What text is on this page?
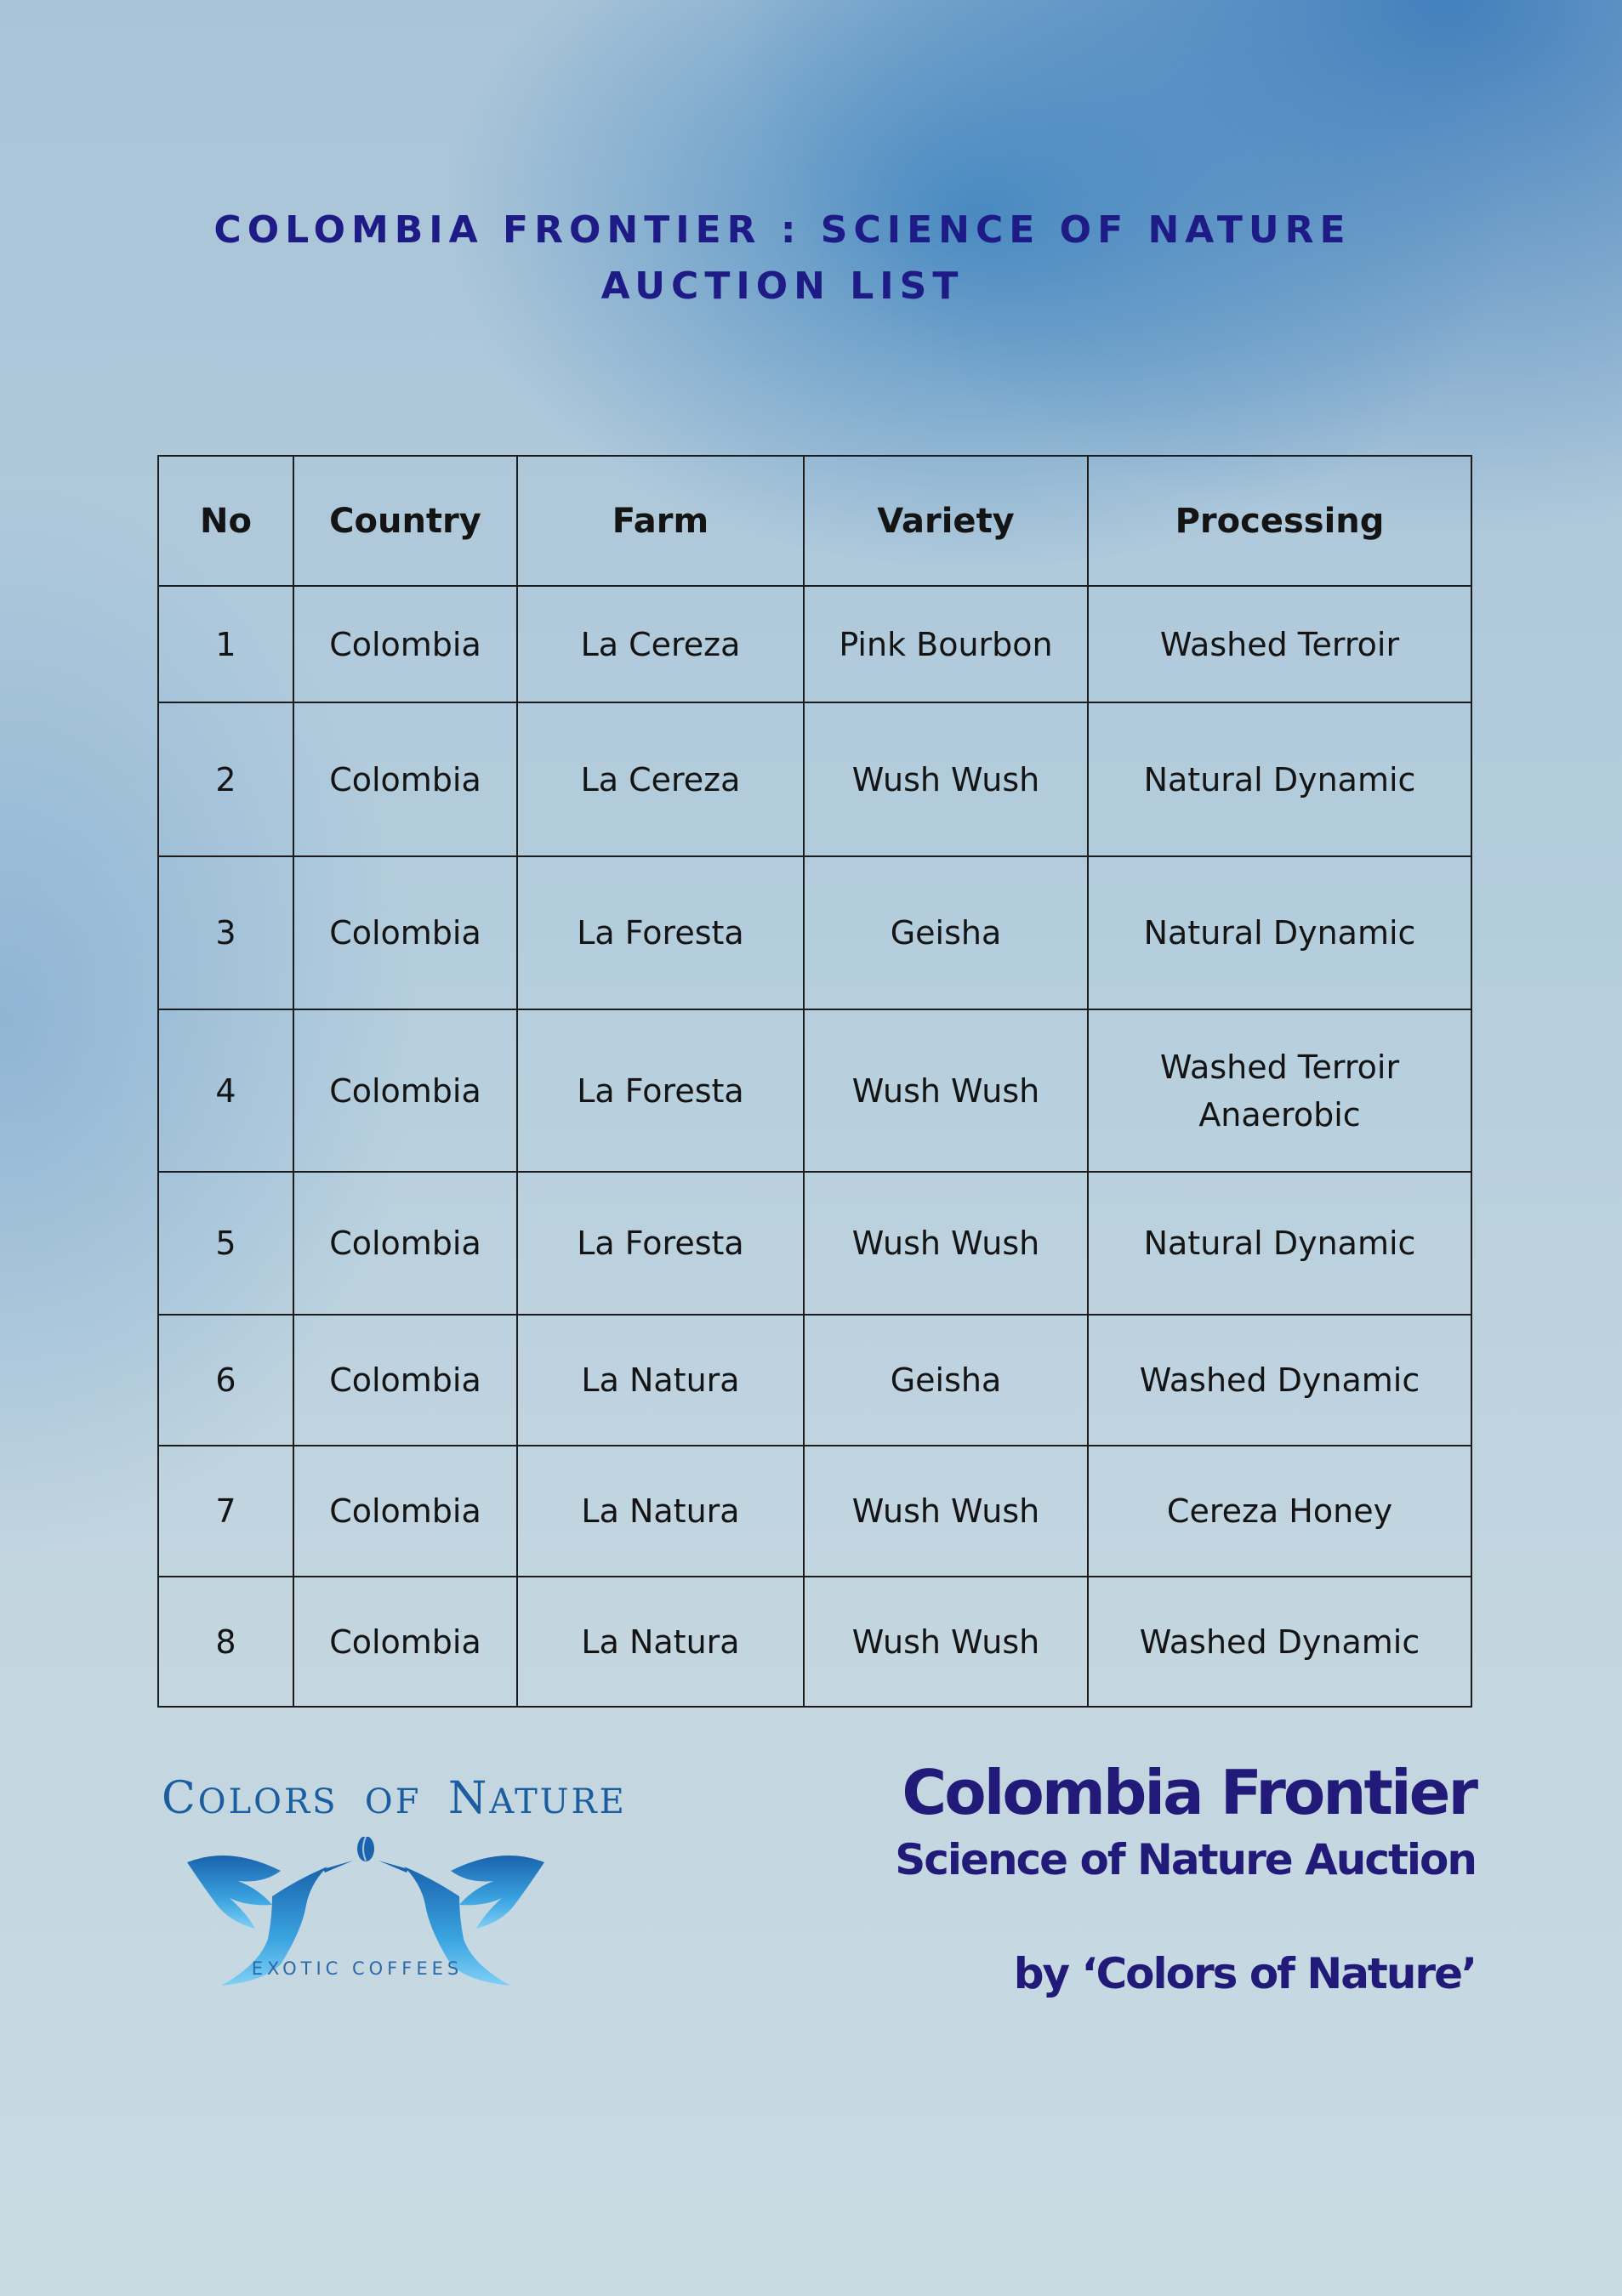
COLOMBIA FRONTIER : SCIENCE OF NATURE
AUCTION LIST
No	Country	Farm	Variety	Processing
1	Colombia	La Cereza	Pink Bourbon	Washed Terroir
2	Colombia	La Cereza	Wush Wush	Natural Dynamic
3	Colombia	La Foresta	Geisha	Natural Dynamic
4	Colombia	La Foresta	Wush Wush	Washed Terroir Anaerobic
5	Colombia	La Foresta	Wush Wush	Natural Dynamic
6	Colombia	La Natura	Geisha	Washed Dynamic
7	Colombia	La Natura	Wush Wush	Cereza Honey
8	Colombia	La Natura	Wush Wush	Washed Dynamic
COLORS OF NATURE
EXOTIC COFFEES
Colombia Frontier
Science of Nature Auction
by ‘Colors of Nature’
